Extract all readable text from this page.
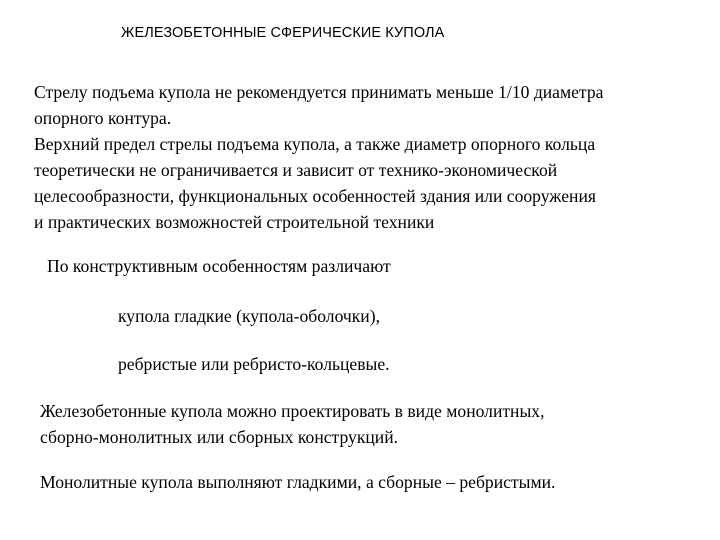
ЖЕЛЕЗОБЕТОННЫЕ СФЕРИЧЕСКИЕ КУПОЛА
Стрелу подъема купола не рекомендуется принимать меньше 1/10 диаметра
опорного контура.
Верхний предел стрелы подъема купола, а также диаметр опорного кольца
теоретически не ограничивается и зависит от технико-экономической
целесообразности, функциональных особенностей здания или сооружения
и практических возможностей строительной техники
По конструктивным особенностям различают
купола гладкие (купола-оболочки),
ребристые или ребристо-кольцевые.
Железобетонные купола можно проектировать в виде монолитных,
сборно-монолитных или сборных конструкций.
Монолитные купола выполняют гладкими, а сборные – ребристыми.
